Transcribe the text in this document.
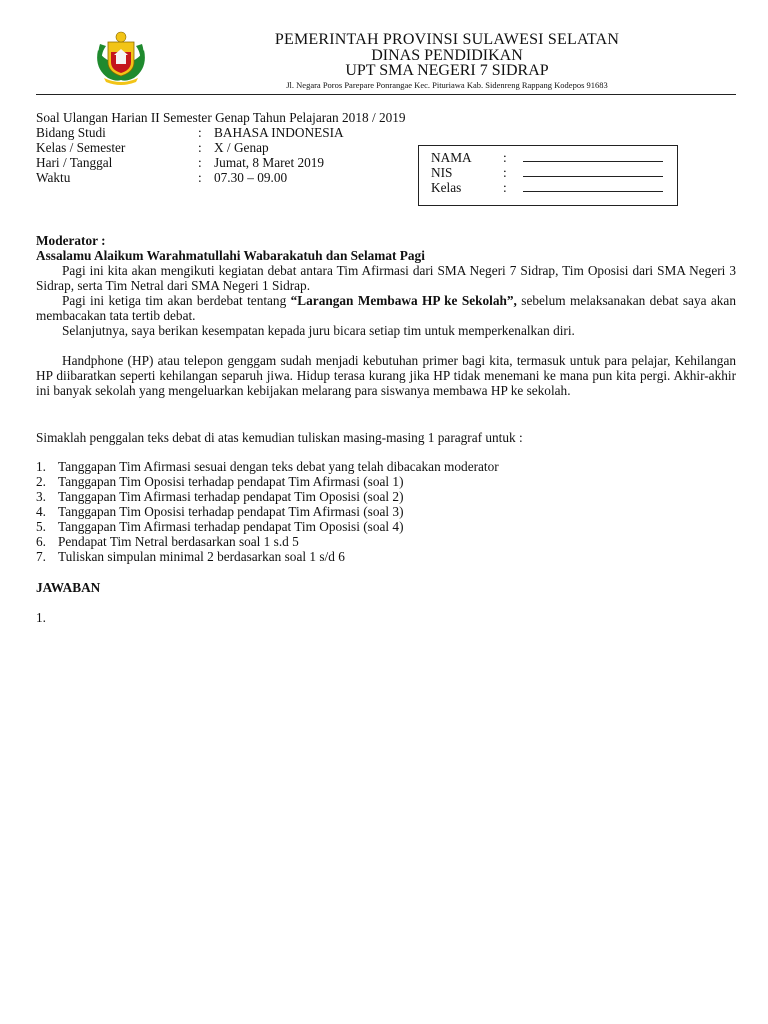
PEMERINTAH PROVINSI SULAWESI SELATAN
DINAS PENDIDIKAN
UPT SMA NEGERI 7 SIDRAP
Jl. Negara Poros Parepare Ponrangae Kec. Pituriawa Kab. Sidenreng Rappang Kodepos 91683
Soal Ulangan Harian II Semester Genap Tahun Pelajaran 2018 / 2019
Bidang Studi	: BAHASA INDONESIA
Kelas / Semester	: X / Genap
Hari / Tanggal	: Jumat, 8 Maret 2019
Waktu	: 07.30 – 09.00
NAMA :
NIS	:
Kelas	:
Moderator :
Assalamu Alaikum Warahmatullahi Wabarakatuh dan Selamat Pagi
Pagi ini kita akan mengikuti kegiatan debat antara Tim Afirmasi dari SMA Negeri 7 Sidrap, Tim Oposisi dari SMA Negeri 3 Sidrap, serta Tim Netral dari SMA Negeri 1 Sidrap.
Pagi ini ketiga tim akan berdebat tentang “Larangan Membawa HP ke Sekolah”, sebelum melaksanakan debat saya akan membacakan tata tertib debat.
Selanjutnya, saya berikan kesempatan kepada juru bicara setiap tim untuk memperkenalkan diri.
Handphone (HP) atau telepon genggam sudah menjadi kebutuhan primer bagi kita, termasuk untuk para pelajar, Kehilangan HP diibaratkan seperti kehilangan separuh jiwa. Hidup terasa kurang jika HP tidak menemani ke mana pun kita pergi. Akhir-akhir ini banyak sekolah yang mengeluarkan kebijakan melarang para siswanya membawa HP ke sekolah.
Simaklah penggalan teks debat di atas kemudian tuliskan masing-masing 1 paragraf untuk :
1. Tanggapan Tim Afirmasi sesuai dengan teks debat yang telah dibacakan moderator
2. Tanggapan Tim Oposisi terhadap pendapat Tim Afirmasi (soal 1)
3. Tanggapan Tim Afirmasi terhadap pendapat Tim Oposisi (soal 2)
4. Tanggapan Tim Oposisi terhadap pendapat Tim Afirmasi (soal 3)
5. Tanggapan Tim Afirmasi terhadap pendapat Tim Oposisi (soal 4)
6. Pendapat Tim Netral berdasarkan soal 1 s.d 5
7. Tuliskan simpulan minimal 2 berdasarkan soal 1 s/d 6
JAWABAN
1.
